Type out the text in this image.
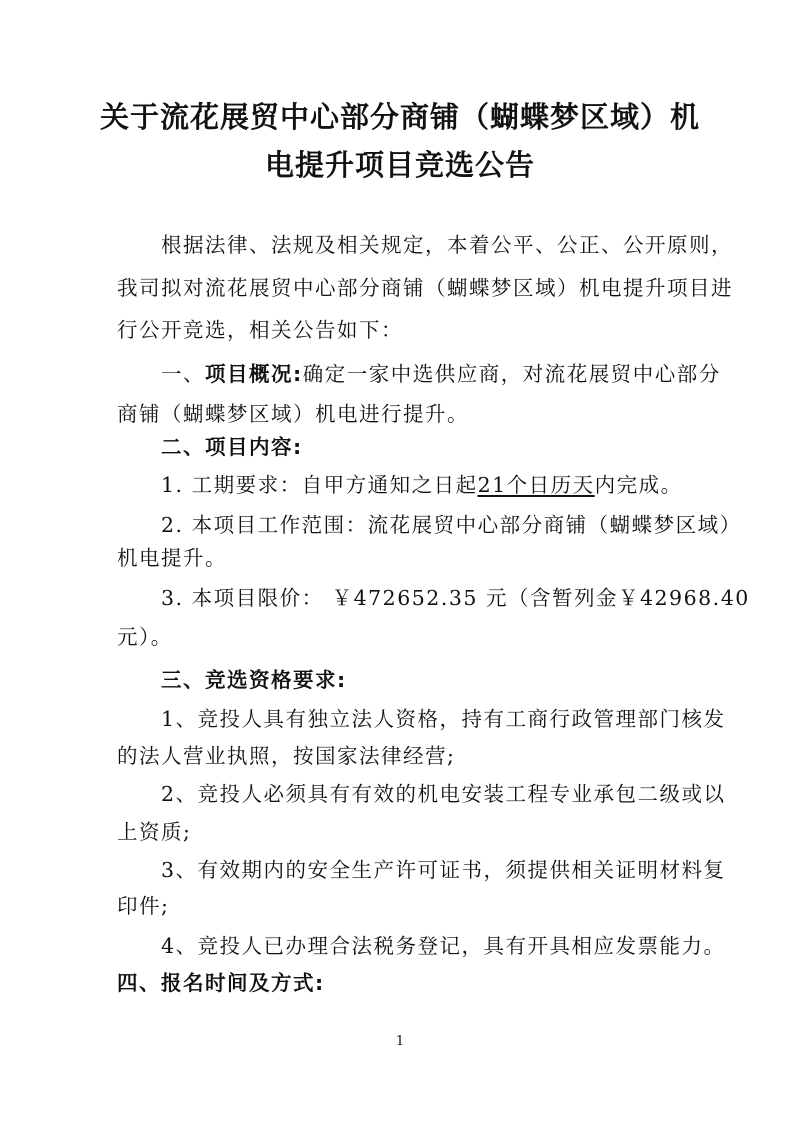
关于流花展贸中心部分商铺（蝴蝶梦区域）机
电提升项目竞选公告
根据法律、法规及相关规定，本着公平、公正、公开原则，
我司拟对流花展贸中心部分商铺（蝴蝶梦区域）机电提升项目进
行公开竞选，相关公告如下：
一、项目概况:确定一家中选供应商，对流花展贸中心部分
商铺（蝴蝶梦区域）机电进行提升。
二、项目内容:
1. 工期要求：自甲方通知之日起21个日历天内完成。
2. 本项目工作范围：流花展贸中心部分商铺（蝴蝶梦区域）
机电提升。
3. 本项目限价： ￥472652.35 元（含暂列金￥42968.40
元）。
三、竞选资格要求:
1、竞投人具有独立法人资格，持有工商行政管理部门核发
的法人营业执照，按国家法律经营;
2、竞投人必须具有有效的机电安装工程专业承包二级或以
上资质;
3、有效期内的安全生产许可证书，须提供相关证明材料复
印件;
4、竞投人已办理合法税务登记，具有开具相应发票能力。
四、报名时间及方式:
1
